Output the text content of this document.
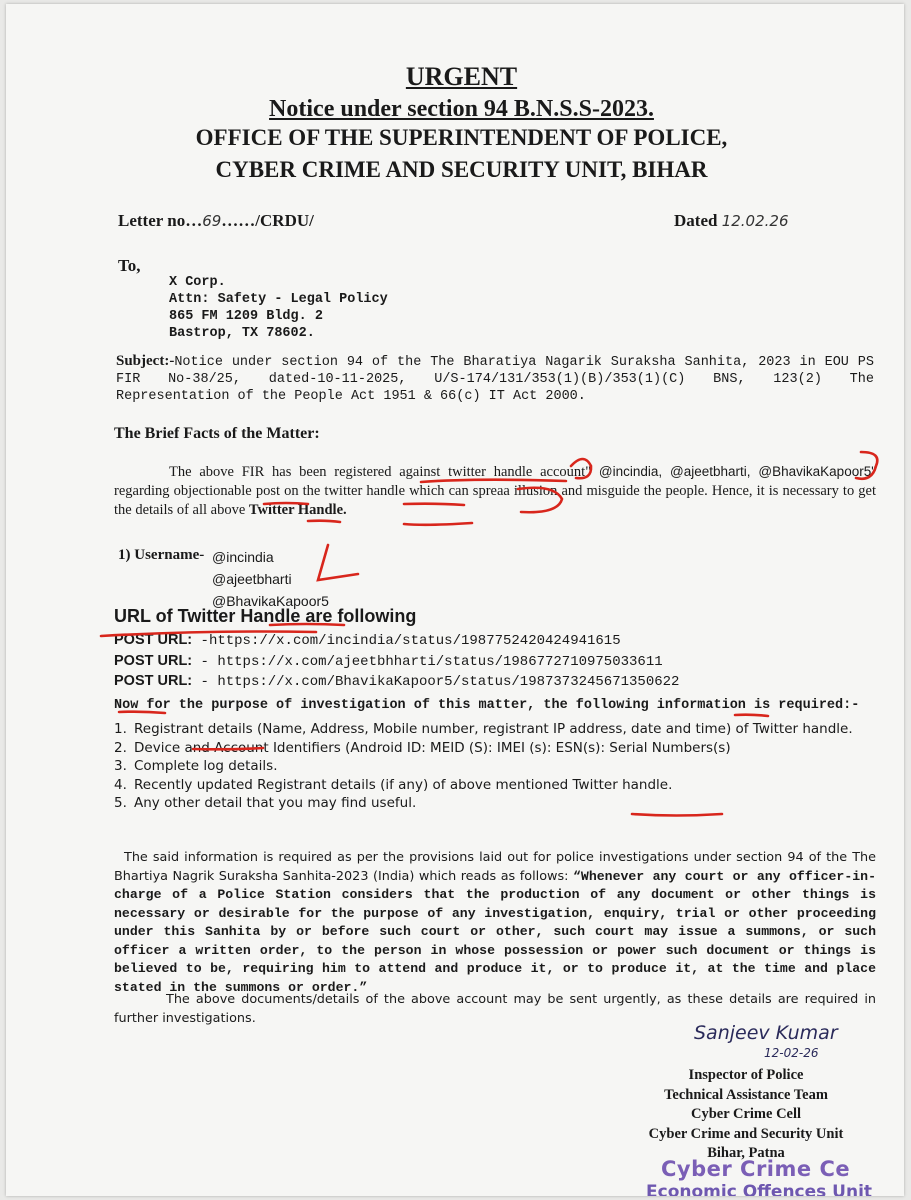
URGENT
Notice under section 94 B.N.S.S-2023.
OFFICE OF THE SUPERINTENDENT OF POLICE,
CYBER CRIME AND SECURITY UNIT, BIHAR
Letter no…69……/CRDU/	Dated 12.02.26
To,
X Corp.
Attn: Safety - Legal Policy
865 FM 1209 Bldg. 2
Bastrop, TX 78602.
Subject:-Notice under section 94 of the The Bharatiya Nagarik Suraksha Sanhita, 2023 in EOU PS FIR No-38/25, dated-10-11-2025, U/S-174/131/353(1)(B)/353(1)(C) BNS, 123(2) The Representation of the People Act 1951 & 66(c) IT Act 2000.
The Brief Facts of the Matter:
The above FIR has been registered against twitter handle account" @incindia, @ajeetbharti, @BhavikaKapoor5" regarding objectionable post on the twitter handle which can spreaa illusion and misguide the people. Hence, it is necessary to get the details of all above Twitter Handle.
1) Username- @incindia
@ajeetbharti
@BhavikaKapoor5
URL of Twitter Handle are following
POST URL: -https://x.com/incindia/status/1987752420424941615
POST URL: - https://x.com/ajeetbhharti/status/1986772710975033611
POST URL: - https://x.com/BhavikaKapoor5/status/1987373245671350622
Now for the purpose of investigation of this matter, the following information is required:-
1. Registrant details (Name, Address, Mobile number, registrant IP address, date and time) of Twitter handle.
2. Device and Account Identifiers (Android ID: MEID (S): IMEI (s): ESN(s): Serial Numbers(s)
3. Complete log details.
4. Recently updated Registrant details (if any) of above mentioned Twitter handle.
5. Any other detail that you may find useful.
The said information is required as per the provisions laid out for police investigations under section 94 of the The Bhartiya Nagrik Suraksha Sanhita-2023 (India) which reads as follows: “Whenever any court or any officer-in-charge of a Police Station considers that the production of any document or other things is necessary or desirable for the purpose of any investigation, enquiry, trial or other proceeding under this Sanhita by or before such court or other, such court may issue a summons, or such officer a written order, to the person in whose possession or power such document or things is believed to be, requiring him to attend and produce it, or to produce it, at the time and place stated in the summons or order.”
The above documents/details of the above account may be sent urgently, as these details are required in further investigations.
Sanjeev Kumar
12-02-26
Inspector of Police
Technical Assistance Team
Cyber Crime Cell
Cyber Crime and Security Unit
Bihar, Patna
Cyber Crime Ce
Economic Offences Unit
